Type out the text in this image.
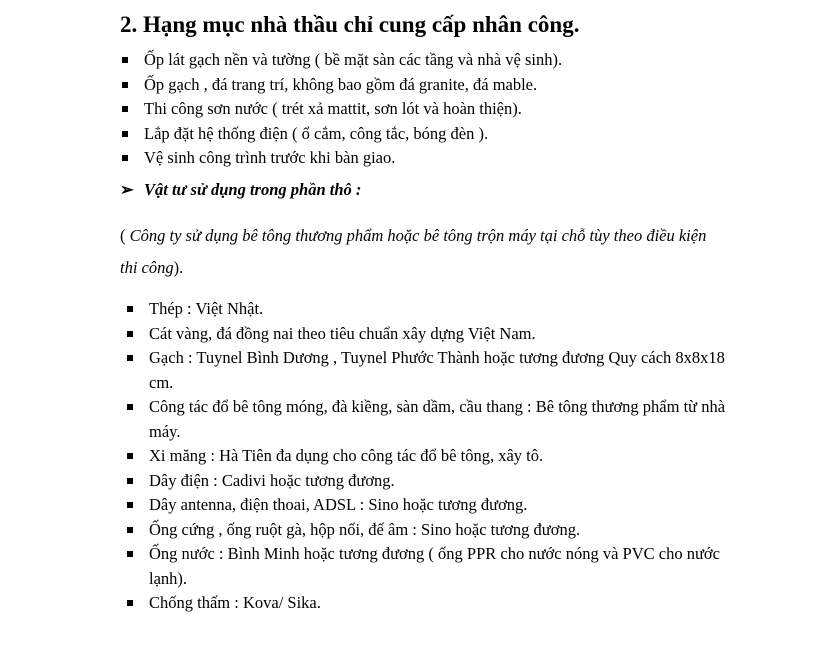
2. Hạng mục nhà thầu chỉ cung cấp nhân công.
Ốp lát gạch nền và tường ( bề mặt sàn các tầng và nhà vệ sinh).
Ốp gạch , đá trang trí, không bao gồm đá granite, đá mable.
Thi công sơn nước ( trét xả mattit, sơn lót và hoàn thiện).
Lắp đặt hệ thống điện ( ổ cắm, công tắc, bóng đèn ).
Vệ sinh công trình trước khi bàn giao.
➢ Vật tư sử dụng trong phần thô :

( Công ty sử dụng bê tông thương phẩm hoặc bê tông trộn máy tại chỗ tùy theo điều kiện thi công).

Thép : Việt Nhật.
Cát vàng, đá đồng nai theo tiêu chuẩn xây dựng Việt Nam.
Gạch : Tuynel Bình Dương , Tuynel Phước Thành hoặc tương đương Quy cách 8x8x18 cm.
Công tác đổ bê tông móng, đà kiềng, sàn dầm, cầu thang : Bê tông thương phẩm từ nhà máy.
Xi măng : Hà Tiên đa dụng cho công tác đổ bê tông, xây tô.
Dây điện : Cadivi hoặc tương đương.
Dây antenna, điện thoai, ADSL : Sino hoặc tương đương.
Ống cứng , ống ruột gà, hộp nối, đế âm : Sino hoặc tương đương.
Ống nước : Bình Minh hoặc tương đương ( ống PPR cho nước nóng và PVC cho nước lạnh).
Chống thấm : Kova/ Sika.
